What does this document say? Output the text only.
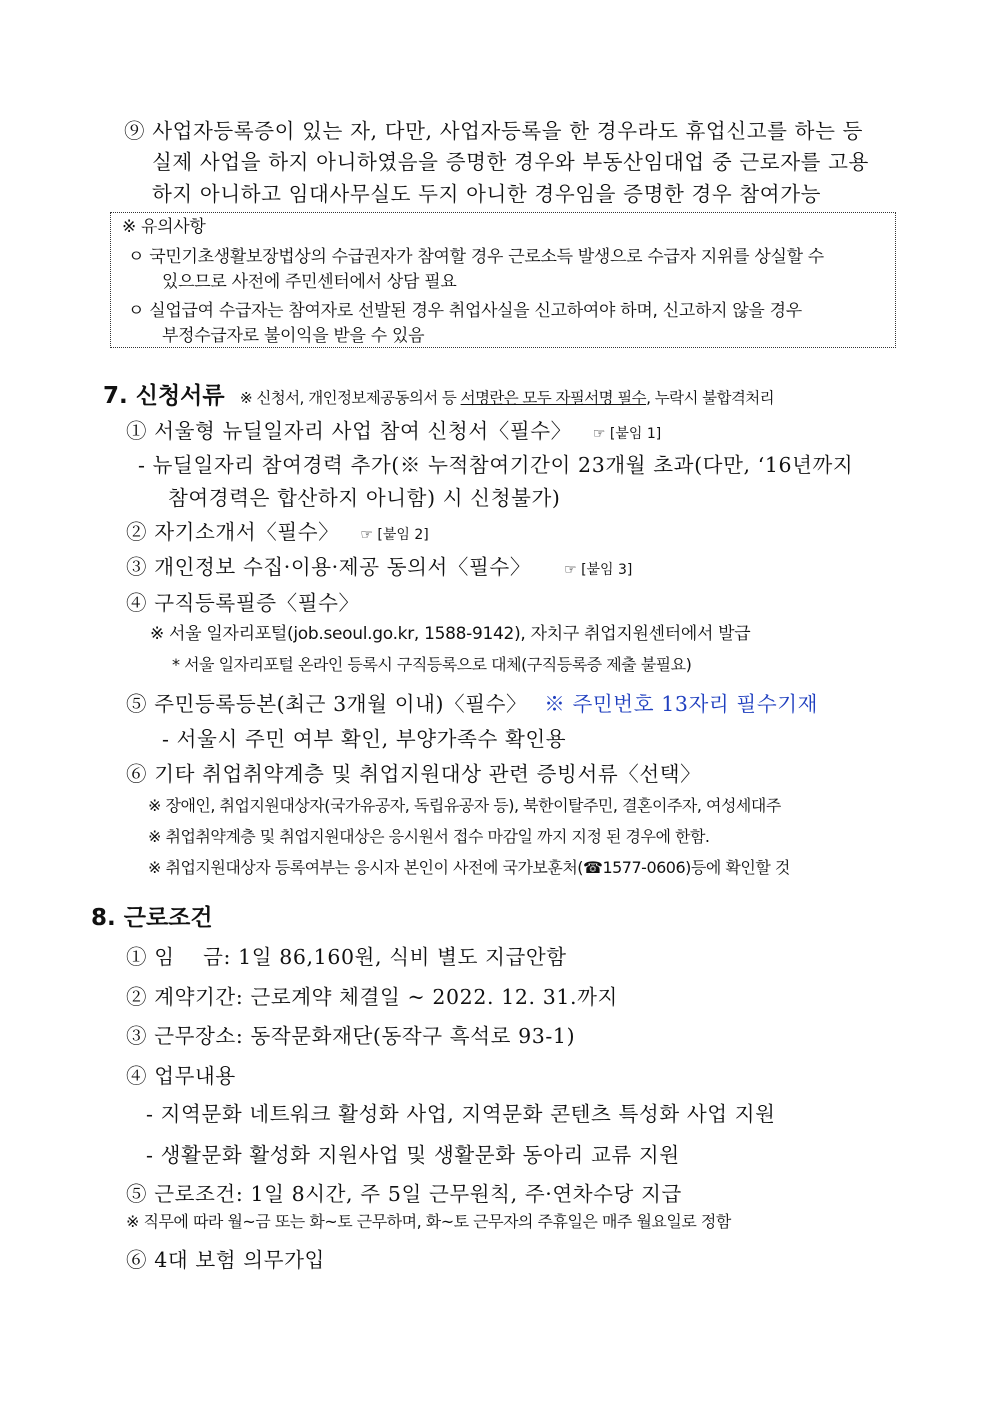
⑨ 사업자등록증이 있는 자, 다만, 사업자등록을 한 경우라도 휴업신고를 하는 등
실제 사업을 하지 아니하였음을 증명한 경우와 부동산임대업 중 근로자를 고용
하지 아니하고 임대사무실도 두지 아니한 경우임을 증명한 경우 참여가능
※ 유의사항
ㅇ 국민기초생활보장법상의 수급권자가 참여할 경우 근로소득 발생으로 수급자 지위를 상실할 수
있으므로 사전에 주민센터에서 상담 필요
ㅇ 실업급여 수급자는 참여자로 선발된 경우 취업사실을 신고하여야 하며, 신고하지 않을 경우
부정수급자로 불이익을 받을 수 있음
7. 신청서류 ※ 신청서, 개인정보제공동의서 등 서명란은 모두 자필서명 필수, 누락시 불합격처리
① 서울형 뉴딜일자리 사업 참여 신청서〈필수〉 ☞ [붙임 1]
- 뉴딜일자리 참여경력 추가(※ 누적참여기간이 23개월 초과(다만, ‘16년까지
참여경력은 합산하지 아니함) 시 신청불가)
② 자기소개서〈필수〉 ☞ [붙임 2]
③ 개인정보 수집·이용·제공 동의서〈필수〉 ☞ [붙임 3]
④ 구직등록필증〈필수〉
※ 서울 일자리포털(job.seoul.go.kr, 1588-9142), 자치구 취업지원센터에서 발급
* 서울 일자리포털 온라인 등록시 구직등록으로 대체(구직등록증 제출 불필요)
⑤ 주민등록등본(최근 3개월 이내)〈필수〉 ※ 주민번호 13자리 필수기재
- 서울시 주민 여부 확인, 부양가족수 확인용
⑥ 기타 취업취약계층 및 취업지원대상 관련 증빙서류〈선택〉
※ 장애인, 취업지원대상자(국가유공자, 독립유공자 등), 북한이탈주민, 결혼이주자, 여성세대주
※ 취업취약계층 및 취업지원대상은 응시원서 접수 마감일 까지 지정 된 경우에 한함.
※ 취업지원대상자 등록여부는 응시자 본인이 사전에 국가보훈처(☎1577-0606)등에 확인할 것
8. 근로조건
① 임    금: 1일 86,160원, 식비 별도 지급안함
② 계약기간: 근로계약 체결일 ~ 2022. 12. 31.까지
③ 근무장소: 동작문화재단(동작구 흑석로 93-1)
④ 업무내용
- 지역문화 네트워크 활성화 사업, 지역문화 콘텐츠 특성화 사업 지원
- 생활문화 활성화 지원사업 및 생활문화 동아리 교류 지원
⑤ 근로조건: 1일 8시간, 주 5일 근무원칙, 주·연차수당 지급
※ 직무에 따라 월~금 또는 화~토 근무하며, 화~토 근무자의 주휴일은 매주 월요일로 정함
⑥ 4대 보험 의무가입
